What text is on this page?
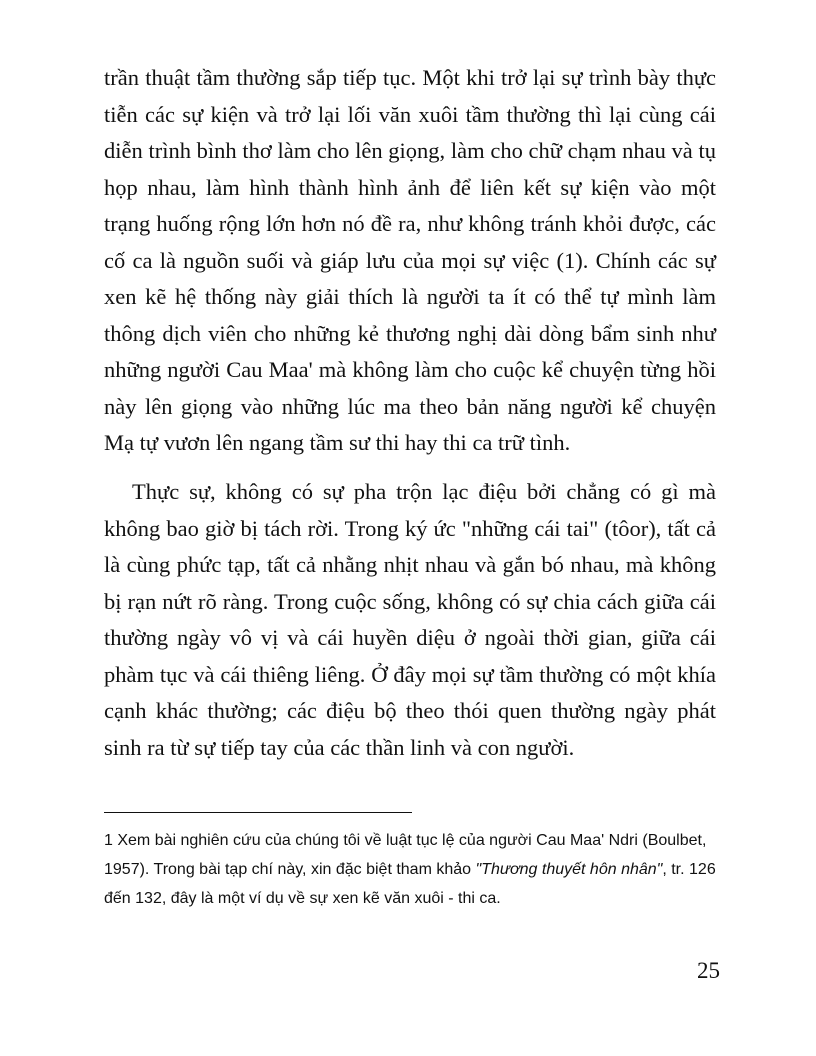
trần thuật tầm thường sắp tiếp tục. Một khi trở lại sự trình bày thực tiễn các sự kiện và trở lại lối văn xuôi tầm thường thì lại cùng cái diễn trình bình thơ làm cho lên giọng, làm cho chữ chạm nhau và tụ họp nhau, làm hình thành hình ảnh để liên kết sự kiện vào một trạng huống rộng lớn hơn nó đề ra, như không tránh khỏi được, các cố ca là nguồn suối và giáp lưu của mọi sự việc (1). Chính các sự xen kẽ hệ thống này giải thích là người ta ít có thể tự mình làm thông dịch viên cho những kẻ thương nghị dài dòng bẩm sinh như những người Cau Maa' mà không làm cho cuộc kể chuyện từng hồi này lên giọng vào những lúc ma theo bản năng người kể chuyện Mạ tự vươn lên ngang tầm sư thi hay thi ca trữ tình.

Thực sự, không có sự pha trộn lạc điệu bởi chẳng có gì mà không bao giờ bị tách rời. Trong ký ức "những cái tai" (tôor), tất cả là cùng phức tạp, tất cả nhằng nhịt nhau và gắn bó nhau, mà không bị rạn nứt rõ ràng. Trong cuộc sống, không có sự chia cách giữa cái thường ngày vô vị và cái huyền diệu ở ngoài thời gian, giữa cái phàm tục và cái thiêng liêng. Ở đây mọi sự tầm thường có một khía cạnh khác thường; các điệu bộ theo thói quen thường ngày phát sinh ra từ sự tiếp tay của các thần linh và con người.

1 Xem bài nghiên cứu của chúng tôi về luật tục lệ của người Cau Maa' Ndri (Boulbet, 1957). Trong bài tạp chí này, xin đặc biệt tham khảo "Thương thuyết hôn nhân", tr. 126 đến 132, đây là một ví dụ về sự xen kẽ văn xuôi - thi ca.

25
